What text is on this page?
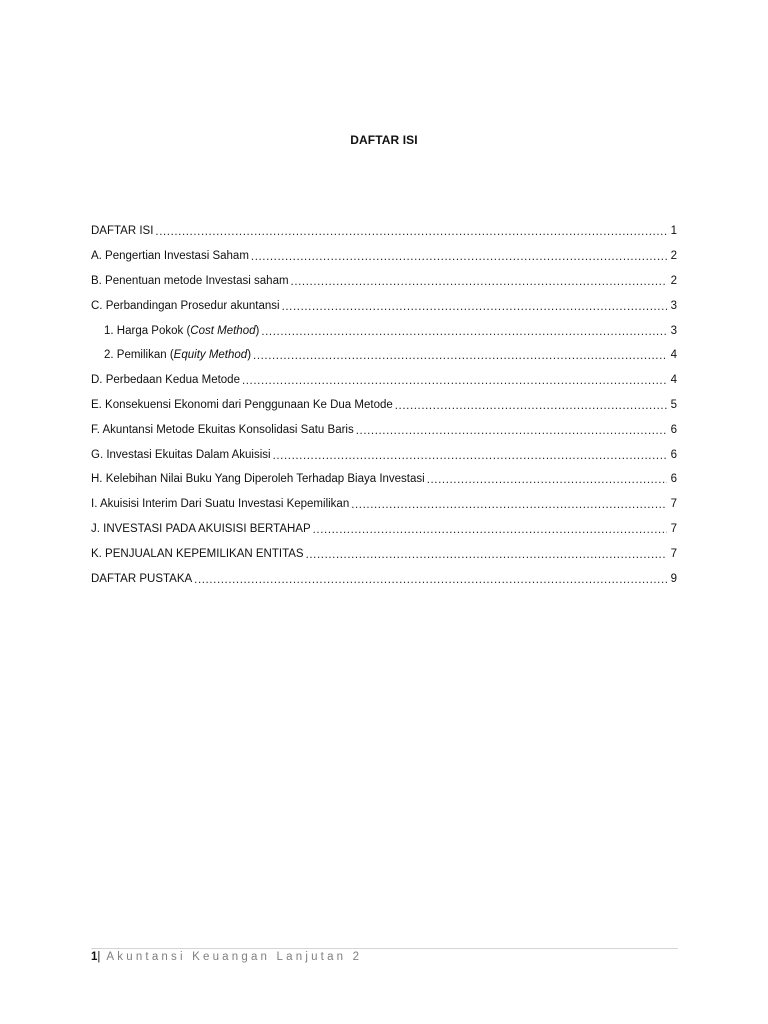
DAFTAR ISI
DAFTAR ISI .....	1
A. Pengertian Investasi Saham .....	2
B. Penentuan metode Investasi saham .....	2
C. Perbandingan Prosedur akuntansi .....	3
1. Harga Pokok (Cost Method) .....	3
2. Pemilikan (Equity Method) .....	4
D. Perbedaan Kedua Metode .....	4
E. Konsekuensi Ekonomi dari Penggunaan Ke Dua Metode .....	5
F. Akuntansi Metode Ekuitas Konsolidasi Satu Baris .....	6
G. Investasi Ekuitas Dalam Akuisisi .....	6
H. Kelebihan Nilai Buku Yang Diperoleh Terhadap Biaya Investasi .....	6
I. Akuisisi Interim Dari Suatu Investasi Kepemilikan .....	7
J. INVESTASI PADA AKUISISI BERTAHAP .....	7
K. PENJUALAN KEPEMILIKAN ENTITAS .....	7
DAFTAR PUSTAKA .....	9
1| Akuntansi Keuangan Lanjutan 2
